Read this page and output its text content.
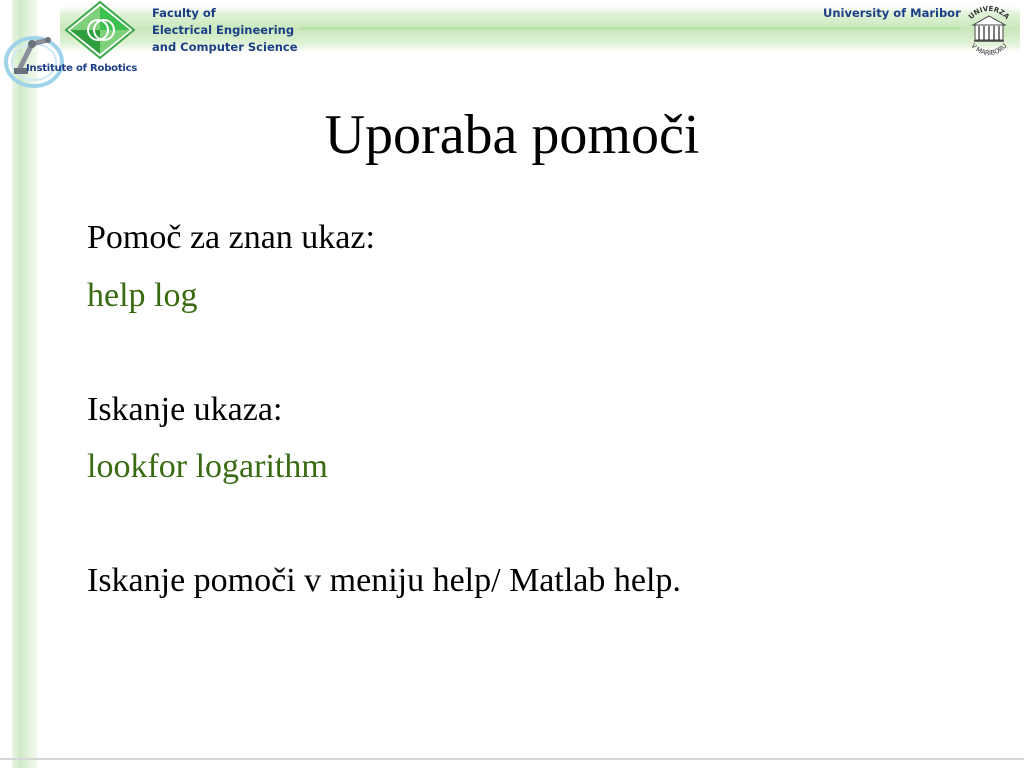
Institute of Robotics
Faculty of
Electrical Engineering
and Computer Science
University of Maribor UNIVERZA
V MARIBORU
Uporaba pomoči
Pomoč za znan ukaz:
help log
Iskanje ukaza:
lookfor logarithm
Iskanje pomoči v meniju help/ Matlab help.
